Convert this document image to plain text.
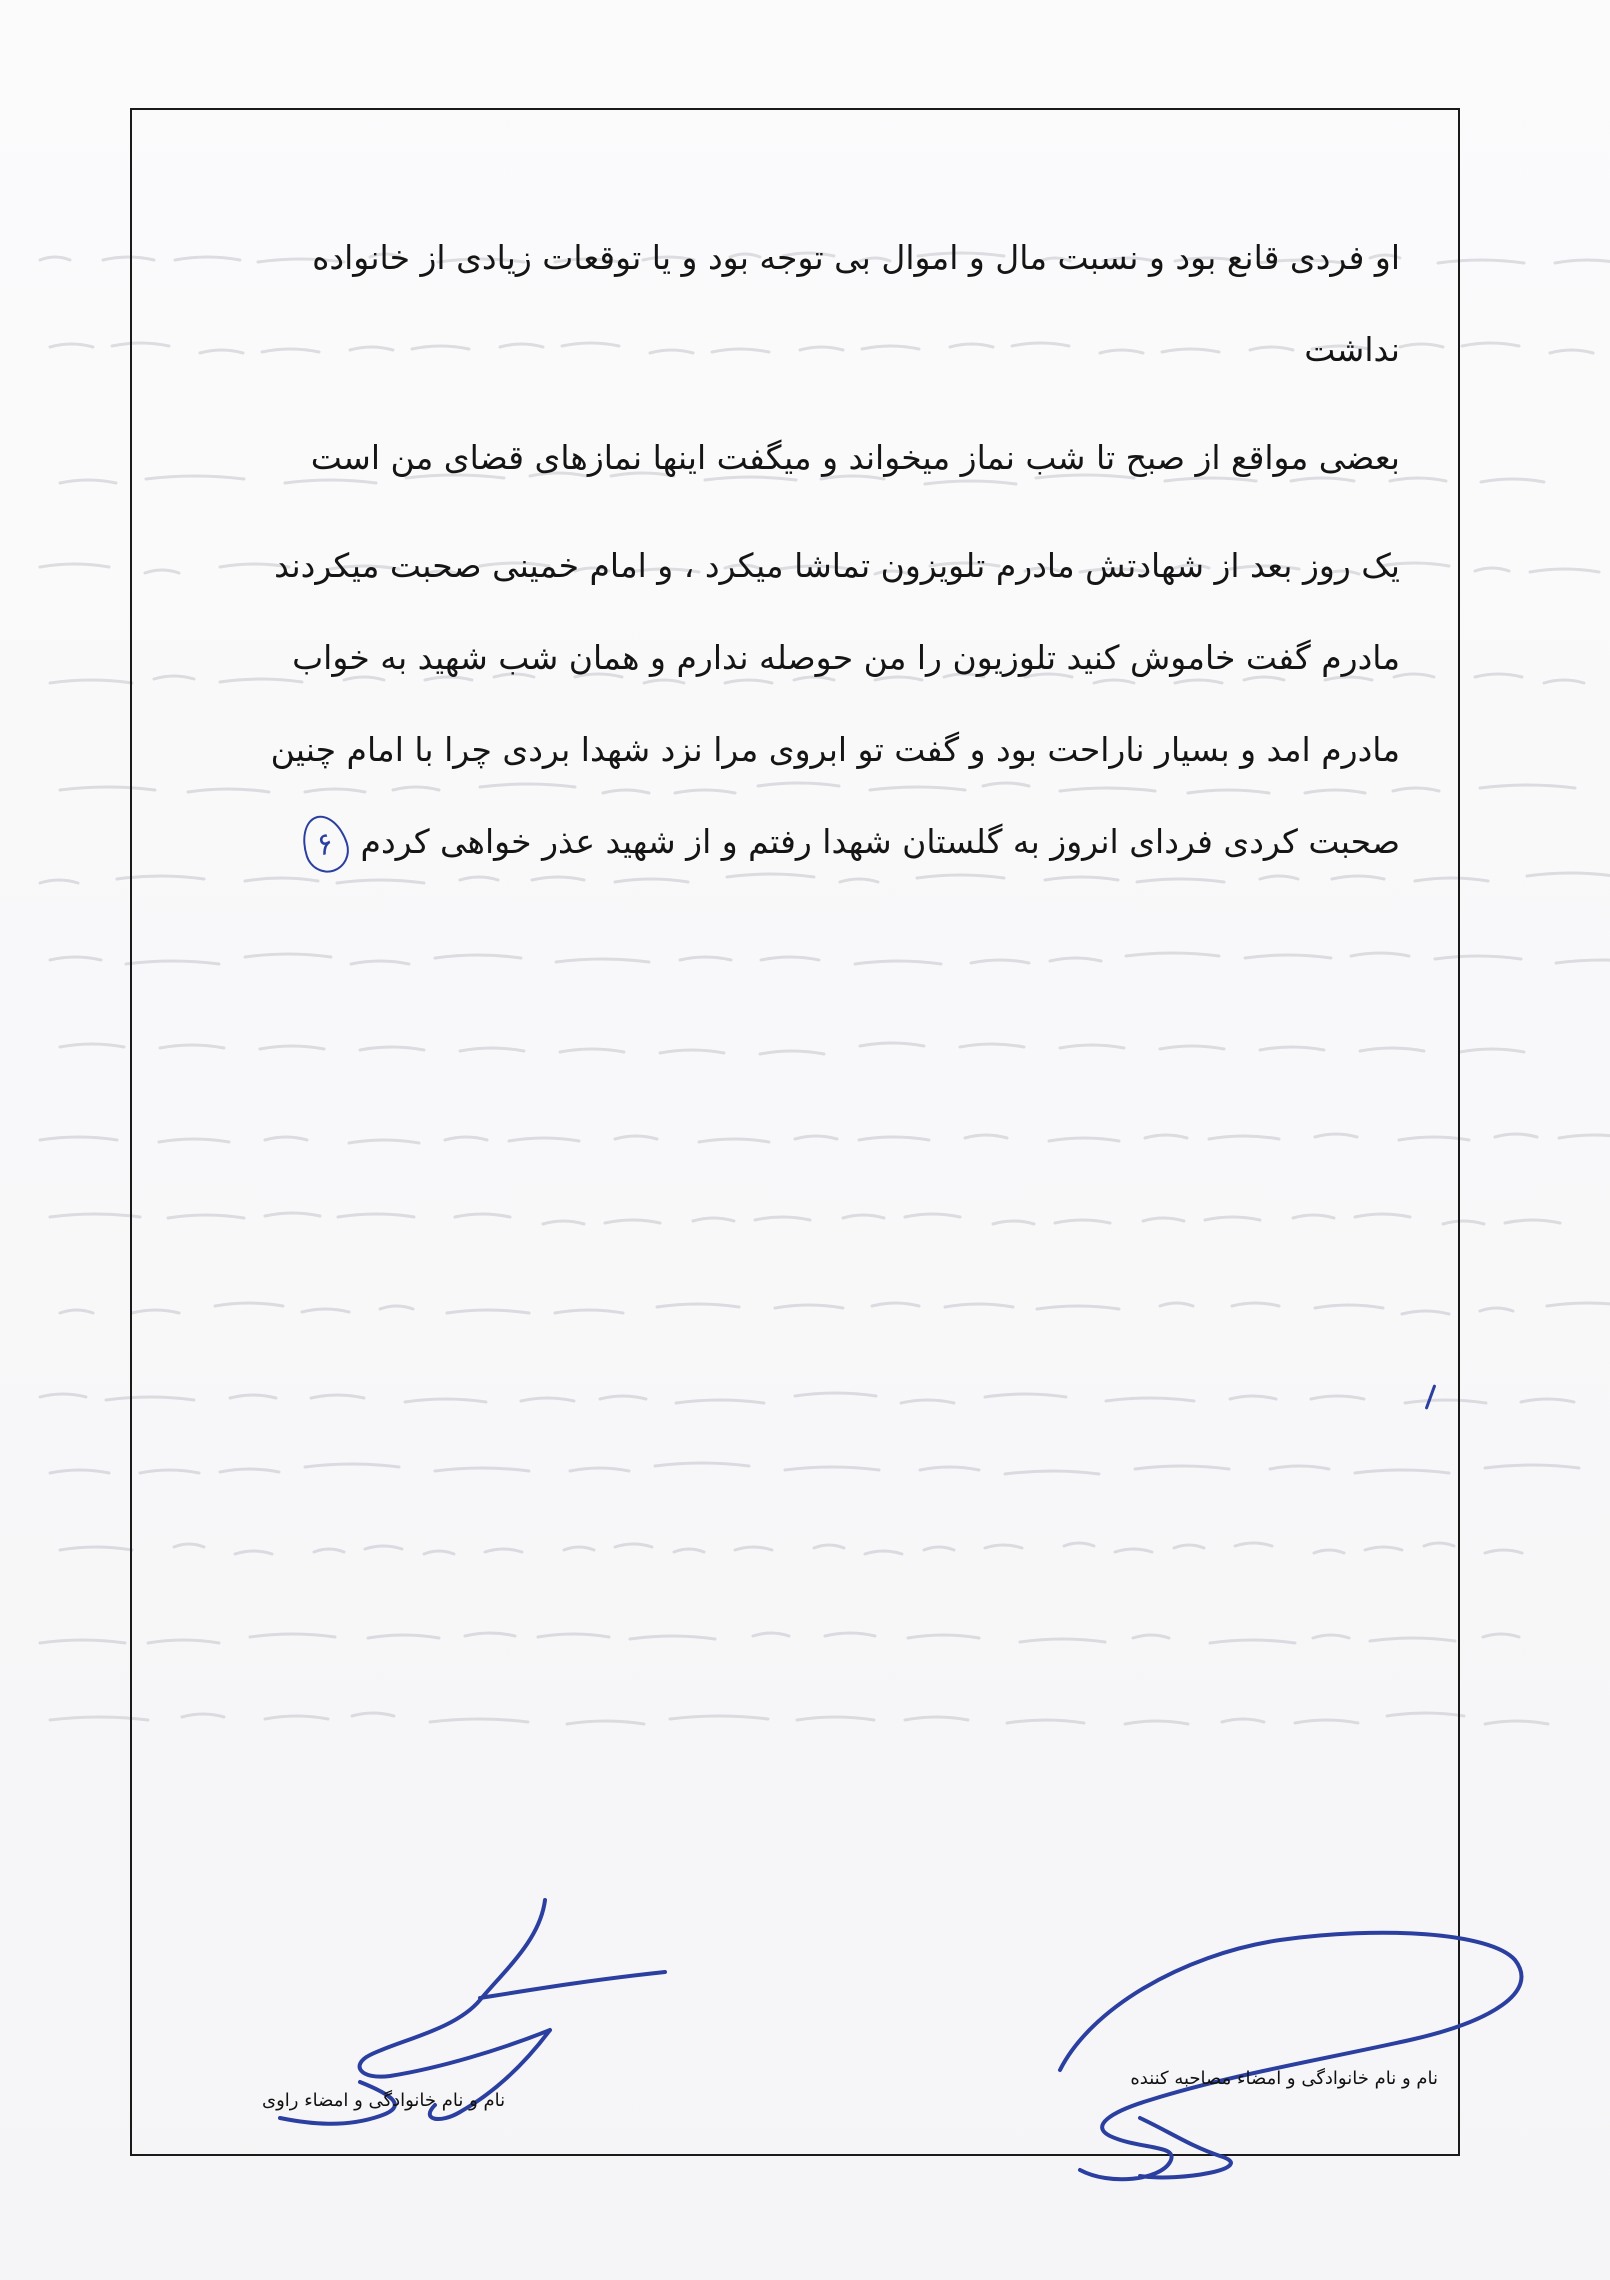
او فردی قانع بود و نسبت مال و اموال بی توجه بود و یا توقعات زیادی از خانواده نداشت

بعضی مواقع از صبح تا شب نماز میخواند و میگفت اینها نمازهای قضای من است

یک روز بعد از شهادتش مادرم تلویزون تماشا میکرد ، و امام خمینی صحبت میکردند مادرم گفت خاموش کنید تلوزیون را من حوصله ندارم و همان شب شهید به خواب مادرم امد و بسیار ناراحت بود و گفت تو ابروی مرا نزد شهدا بردی چرا با امام چنین صحبت کردی فردای انروز به گلستان شهدا رفتم و از شهید عذر خواهی کردم۶

نام و نام خانوادگی و امضاء مصاحبه کننده
نام و نام خانوادگی و امضاء راوی
